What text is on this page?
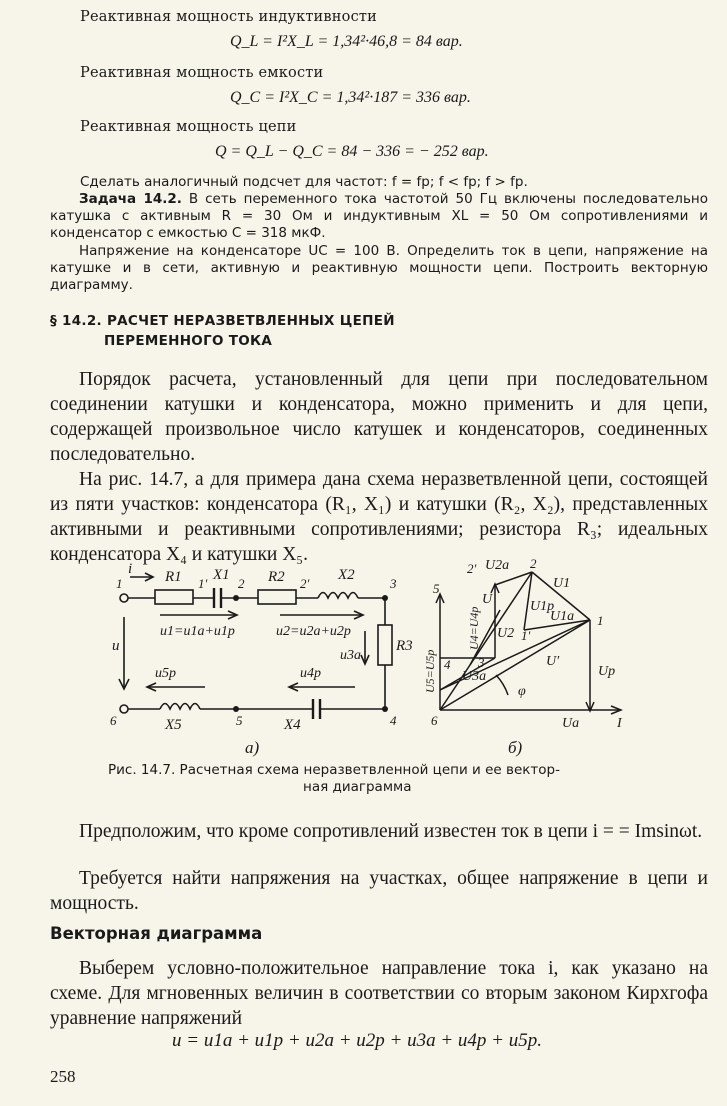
Реактивная мощность индуктивности
Q_L = I²X_L = 1,34²·46,8 = 84 вар.
Реактивная мощность емкости
Q_C = I²X_C = 1,34²·187 = 336 вар.
Реактивная мощность цепи
Q = Q_L − Q_C = 84 − 336 = − 252 вар.
Сделать аналогичный подсчет для частот: f = fр; f < fр; f > fр.
Задача 14.2. В сеть переменного тока частотой 50 Гц включены последовательно катушка с активным R = 30 Ом и индуктивным XL = 50 Ом сопротивлениями и конденсатор с емкостью C = 318 мкФ.
Напряжение на конденсаторе UC = 100 В. Определить ток в цепи, напряжение на катушке и в сети, активную и реактивную мощности цепи. Построить векторную диаграмму.
§ 14.2. РАСЧЕТ НЕРАЗВЕТВЛЕННЫХ ЦЕПЕЙ
ПЕРЕМЕННОГО ТОКА
Порядок расчета, установленный для цепи при последовательном соединении катушки и конденсатора, можно применить и для цепи, содержащей произвольное число катушек и конденсаторов, соединенных последовательно.
На рис. 14.7, а для примера дана схема неразветвленной цепи, состоящей из пяти участков: конденсатора (R₁, X₁) и катушки (R₂, X₂), представленных активными и реактивными сопротивлениями; резистора R₃; идеальных конденсатора X₄ и катушки X₅.
i
1	R1 1′
X1
2 R2 2′
X2
3
u
u1=u1a+u1p	u2=u2a+u2p
R3
u3a
u4p
u5p
6	X5	5	X4	4
а)
2′ U2a 2
U1
U1p
U1a 1
1′
U
U2
5
U4=U4p
U5=U5p 4 3
U3a
U′
φ
Up
6	Ua	I
б)
Рис. 14.7. Расчетная схема неразветвленной цепи и ее вектор-
ная диаграмма
Предположим, что кроме сопротивлений известен ток в цепи i = = Imsinωt.
Требуется найти напряжения на участках, общее напряжение в цепи и мощность.
Векторная диаграмма
Выберем условно-положительное направление тока i, как указано на схеме. Для мгновенных величин в соответствии со вторым законом Кирхгофа уравнение напряжений
u = u1a + u1p + u2a + u2p + u3a + u4p + u5p.
258
